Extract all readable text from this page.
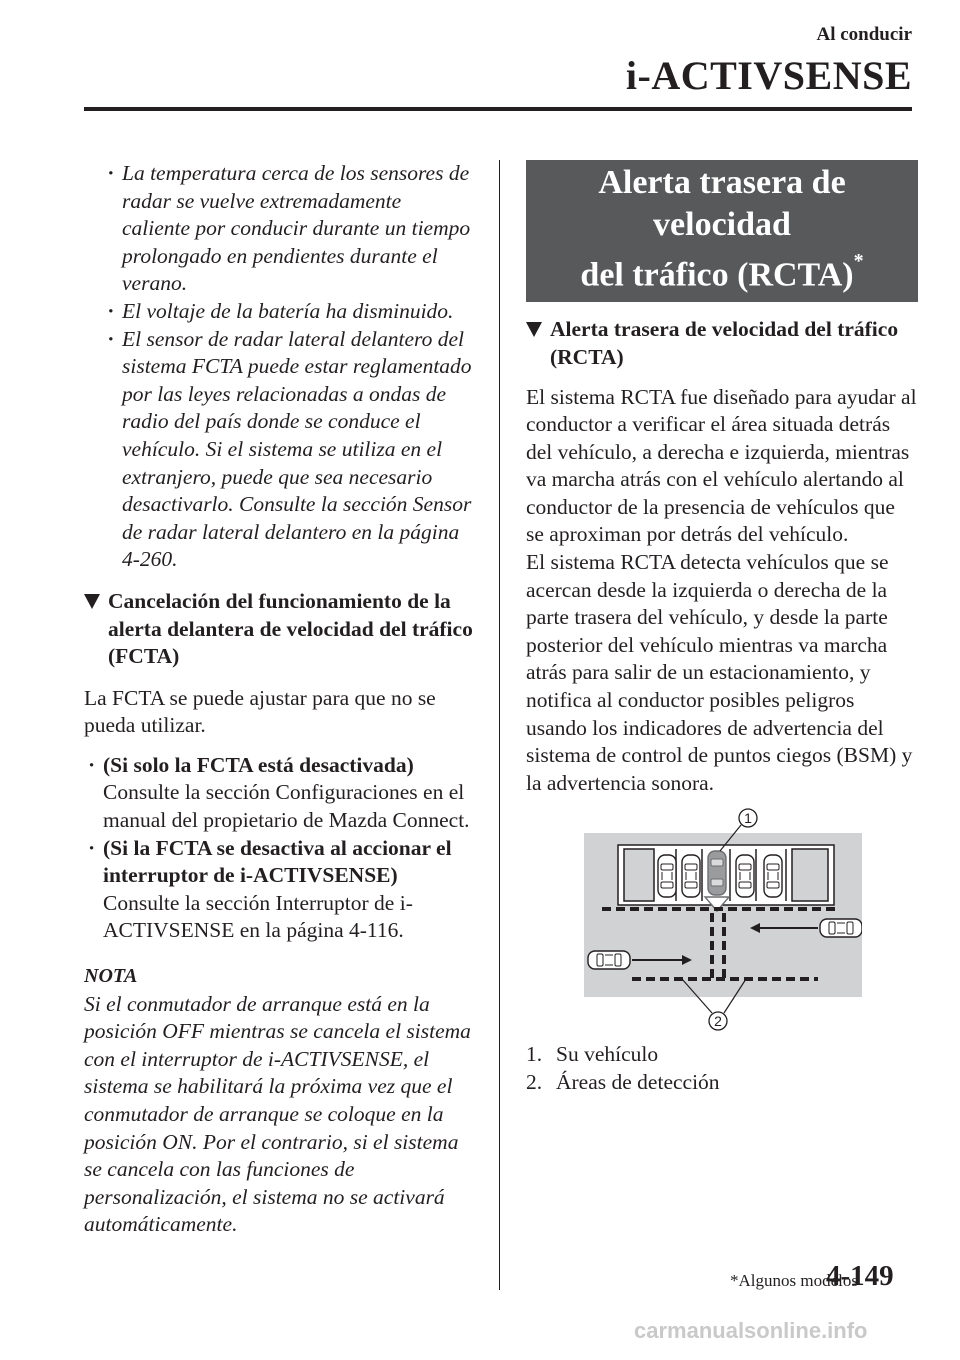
Al conducir
i-ACTIVSENSE
· La temperatura cerca de los sensores de radar se vuelve extremadamente caliente por conducir durante un tiempo prolongado en pendientes durante el verano.
· El voltaje de la batería ha disminuido.
· El sensor de radar lateral delantero del sistema FCTA puede estar reglamentado por las leyes relacionadas a ondas de radio del país donde se conduce el vehículo. Si el sistema se utiliza en el extranjero, puede que sea necesario desactivarlo. Consulte la sección Sensor de radar lateral delantero en la página 4-260.
Cancelación del funcionamiento de la alerta delantera de velocidad del tráfico (FCTA)
La FCTA se puede ajustar para que no se pueda utilizar.
· (Si solo la FCTA está desactivada)
Consulte la sección Configuraciones en el manual del propietario de Mazda Connect.
· (Si la FCTA se desactiva al accionar el interruptor de i-ACTIVSENSE)
Consulte la sección Interruptor de i-ACTIVSENSE en la página 4-116.
NOTA
Si el conmutador de arranque está en la posición OFF mientras se cancela el sistema con el interruptor de i-ACTIVSENSE, el sistema se habilitará la próxima vez que el conmutador de arranque se coloque en la posición ON. Por el contrario, si el sistema se cancela con las funciones de personalización, el sistema no se activará automáticamente.
Alerta trasera de velocidad
del tráfico (RCTA)*
Alerta trasera de velocidad del tráfico (RCTA)
El sistema RCTA fue diseñado para ayudar al conductor a verificar el área situada detrás del vehículo, a derecha e izquierda, mientras va marcha atrás con el vehículo alertando al conductor de la presencia de vehículos que se aproximan por detrás del vehículo.
El sistema RCTA detecta vehículos que se acercan desde la izquierda o derecha de la parte trasera del vehículo, y desde la parte posterior del vehículo mientras va marcha atrás para salir de un estacionamiento, y notifica al conductor posibles peligros usando los indicadores de advertencia del sistema de control de puntos ciegos (BSM) y la advertencia sonora.
1
2
1. Su vehículo
2. Áreas de detección
*Algunos modelos
4-149
carmanualsonline.info
